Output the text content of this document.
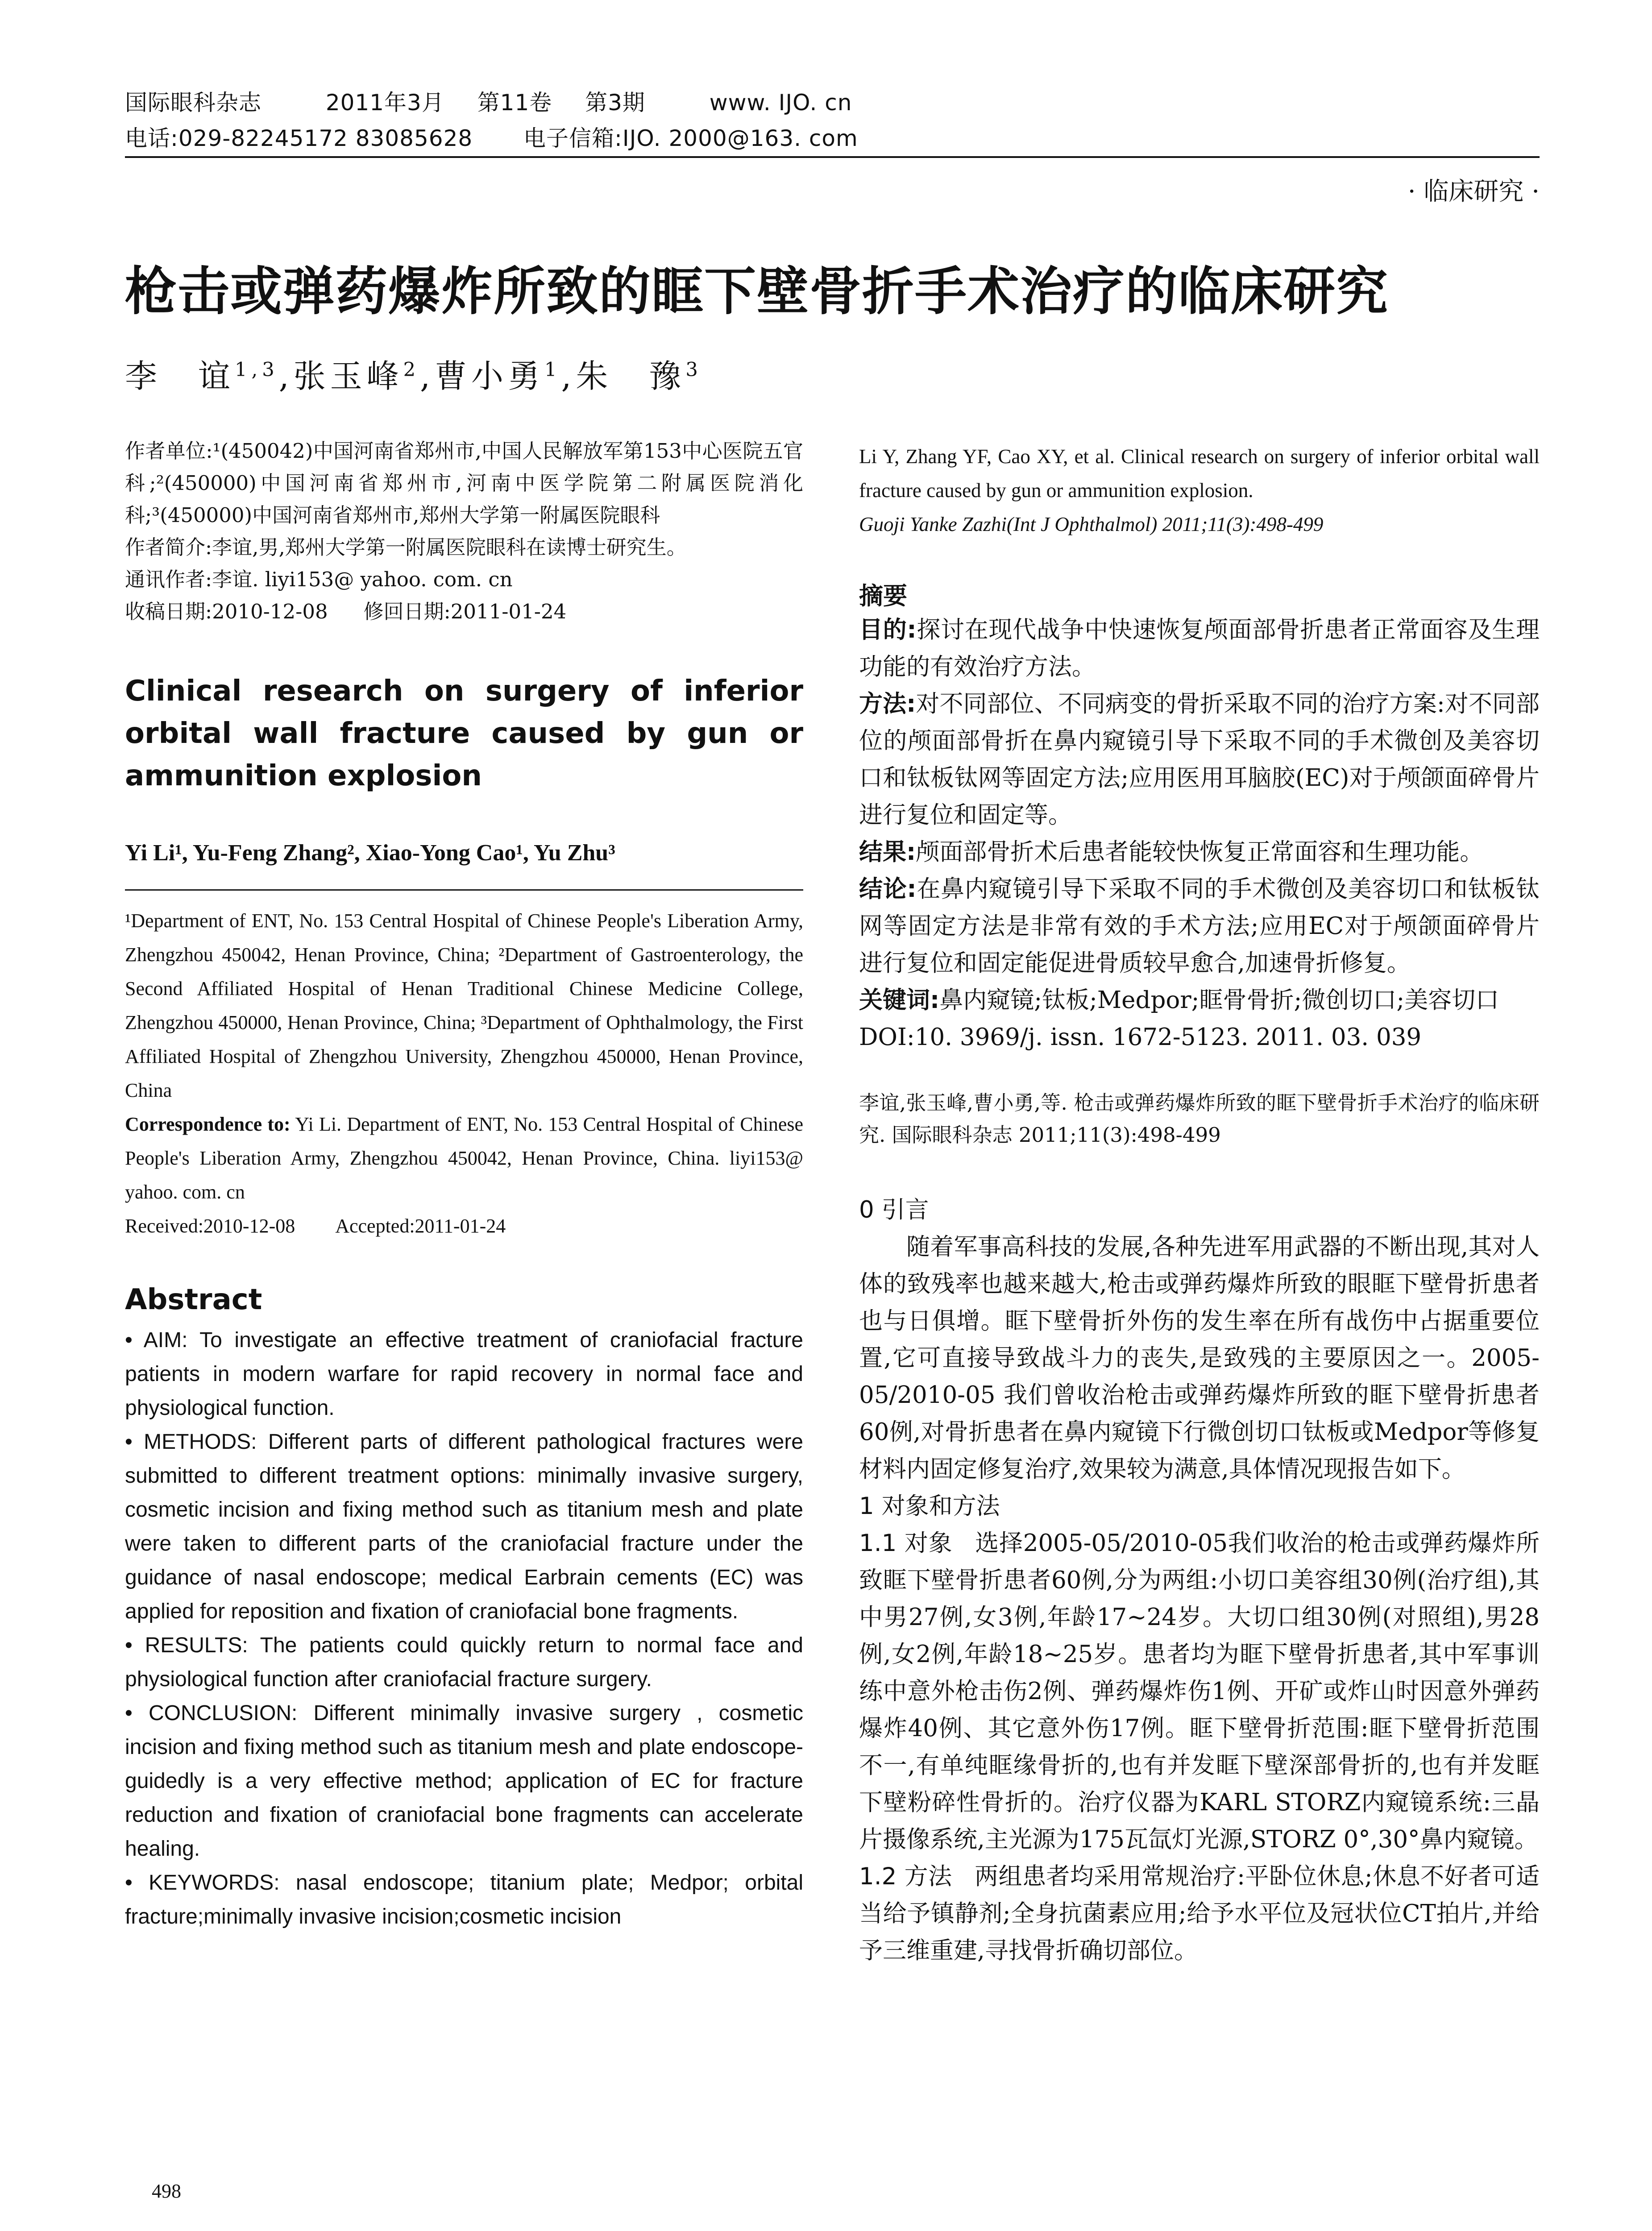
国际眼科杂志	2011年3月 第11卷 第3期	www. IJO. cn
电话:029-82245172 83085628 电子信箱:IJO. 2000@163. com
· 临床研究 ·
枪击或弹药爆炸所致的眶下壁骨折手术治疗的临床研究
李　谊$^{1,3}$,张玉峰$^2$,曹小勇$^1$,朱　豫$^3$

作者单位:¹(450042)中国河南省郑州市,中国人民解放军第153中心医院五官科;²(450000)中国河南省郑州市,河南中医学院第二附属医院消化科;³(450000)中国河南省郑州市,郑州大学第一附属医院眼科

作者简介:李谊,男,郑州大学第一附属医院眼科在读博士研究生。

通讯作者:李谊. liyi153@ yahoo. com. cn

收稿日期:2010-12-08 修回日期:2011-01-24

Clinical research on surgery of inferior orbital wall fracture caused by gun or ammunition explosion

Yi Li¹, Yu-Feng Zhang², Xiao-Yong Cao¹, Yu Zhu³

¹Department of ENT, No. 153 Central Hospital of Chinese People's Liberation Army, Zhengzhou 450042, Henan Province, China; ²Department of Gastroenterology, the Second Affiliated Hospital of Henan Traditional Chinese Medicine College, Zhengzhou 450000, Henan Province, China; ³Department of Ophthalmology, the First Affiliated Hospital of Zhengzhou University, Zhengzhou 450000, Henan Province, China

Correspondence to: Yi Li. Department of ENT, No. 153 Central Hospital of Chinese People's Liberation Army, Zhengzhou 450042, Henan Province, China. liyi153@ yahoo. com. cn

Received:2010-12-08 Accepted:2011-01-24

Abstract

• AIM: To investigate an effective treatment of craniofacial fracture patients in modern warfare for rapid recovery in normal face and physiological function.

• METHODS: Different parts of different pathological fractures were submitted to different treatment options: minimally invasive surgery, cosmetic incision and fixing method such as titanium mesh and plate were taken to different parts of the craniofacial fracture under the guidance of nasal endoscope; medical Earbrain cements (EC) was applied for reposition and fixation of craniofacial bone fragments.

• RESULTS: The patients could quickly return to normal face and physiological function after craniofacial fracture surgery.

• CONCLUSION: Different minimally invasive surgery , cosmetic incision and fixing method such as titanium mesh and plate endoscope-guidedly is a very effective method; application of EC for fracture reduction and fixation of craniofacial bone fragments can accelerate healing.

• KEYWORDS: nasal endoscope; titanium plate; Medpor; orbital fracture;minimally invasive incision;cosmetic incision

Li Y, Zhang YF, Cao XY, et al. Clinical research on surgery of inferior orbital wall fracture caused by gun or ammunition explosion.

Guoji Yanke Zazhi(Int J Ophthalmol) 2011;11(3):498-499

摘要

目的:探讨在现代战争中快速恢复颅面部骨折患者正常面容及生理功能的有效治疗方法。

方法:对不同部位、不同病变的骨折采取不同的治疗方案:对不同部位的颅面部骨折在鼻内窥镜引导下采取不同的手术微创及美容切口和钛板钛网等固定方法;应用医用耳脑胶(EC)对于颅颌面碎骨片进行复位和固定等。

结果:颅面部骨折术后患者能较快恢复正常面容和生理功能。

结论:在鼻内窥镜引导下采取不同的手术微创及美容切口和钛板钛网等固定方法是非常有效的手术方法;应用EC对于颅颌面碎骨片进行复位和固定能促进骨质较早愈合,加速骨折修复。

关键词:鼻内窥镜;钛板;Medpor;眶骨骨折;微创切口;美容切口

DOI:10. 3969/j. issn. 1672-5123. 2011. 03. 039

李谊,张玉峰,曹小勇,等. 枪击或弹药爆炸所致的眶下壁骨折手术治疗的临床研究. 国际眼科杂志 2011;11(3):498-499

0 引言

随着军事高科技的发展,各种先进军用武器的不断出现,其对人体的致残率也越来越大,枪击或弹药爆炸所致的眼眶下壁骨折患者也与日俱增。眶下壁骨折外伤的发生率在所有战伤中占据重要位置,它可直接导致战斗力的丧失,是致残的主要原因之一。2005-05/2010-05 我们曾收治枪击或弹药爆炸所致的眶下壁骨折患者60例,对骨折患者在鼻内窥镜下行微创切口钛板或Medpor等修复材料内固定修复治疗,效果较为满意,具体情况现报告如下。

1 对象和方法

1.1 对象 选择2005-05/2010-05我们收治的枪击或弹药爆炸所致眶下壁骨折患者60例,分为两组:小切口美容组30例(治疗组),其中男27例,女3例,年龄17~24岁。大切口组30例(对照组),男28例,女2例,年龄18~25岁。患者均为眶下壁骨折患者,其中军事训练中意外枪击伤2例、弹药爆炸伤1例、开矿或炸山时因意外弹药爆炸40例、其它意外伤17例。眶下壁骨折范围:眶下壁骨折范围不一,有单纯眶缘骨折的,也有并发眶下壁深部骨折的,也有并发眶下壁粉碎性骨折的。治疗仪器为KARL STORZ内窥镜系统:三晶片摄像系统,主光源为175瓦氙灯光源,STORZ 0°,30°鼻内窥镜。

1.2 方法 两组患者均采用常规治疗:平卧位休息;休息不好者可适当给予镇静剂;全身抗菌素应用;给予水平位及冠状位CT拍片,并给予三维重建,寻找骨折确切部位。

498
